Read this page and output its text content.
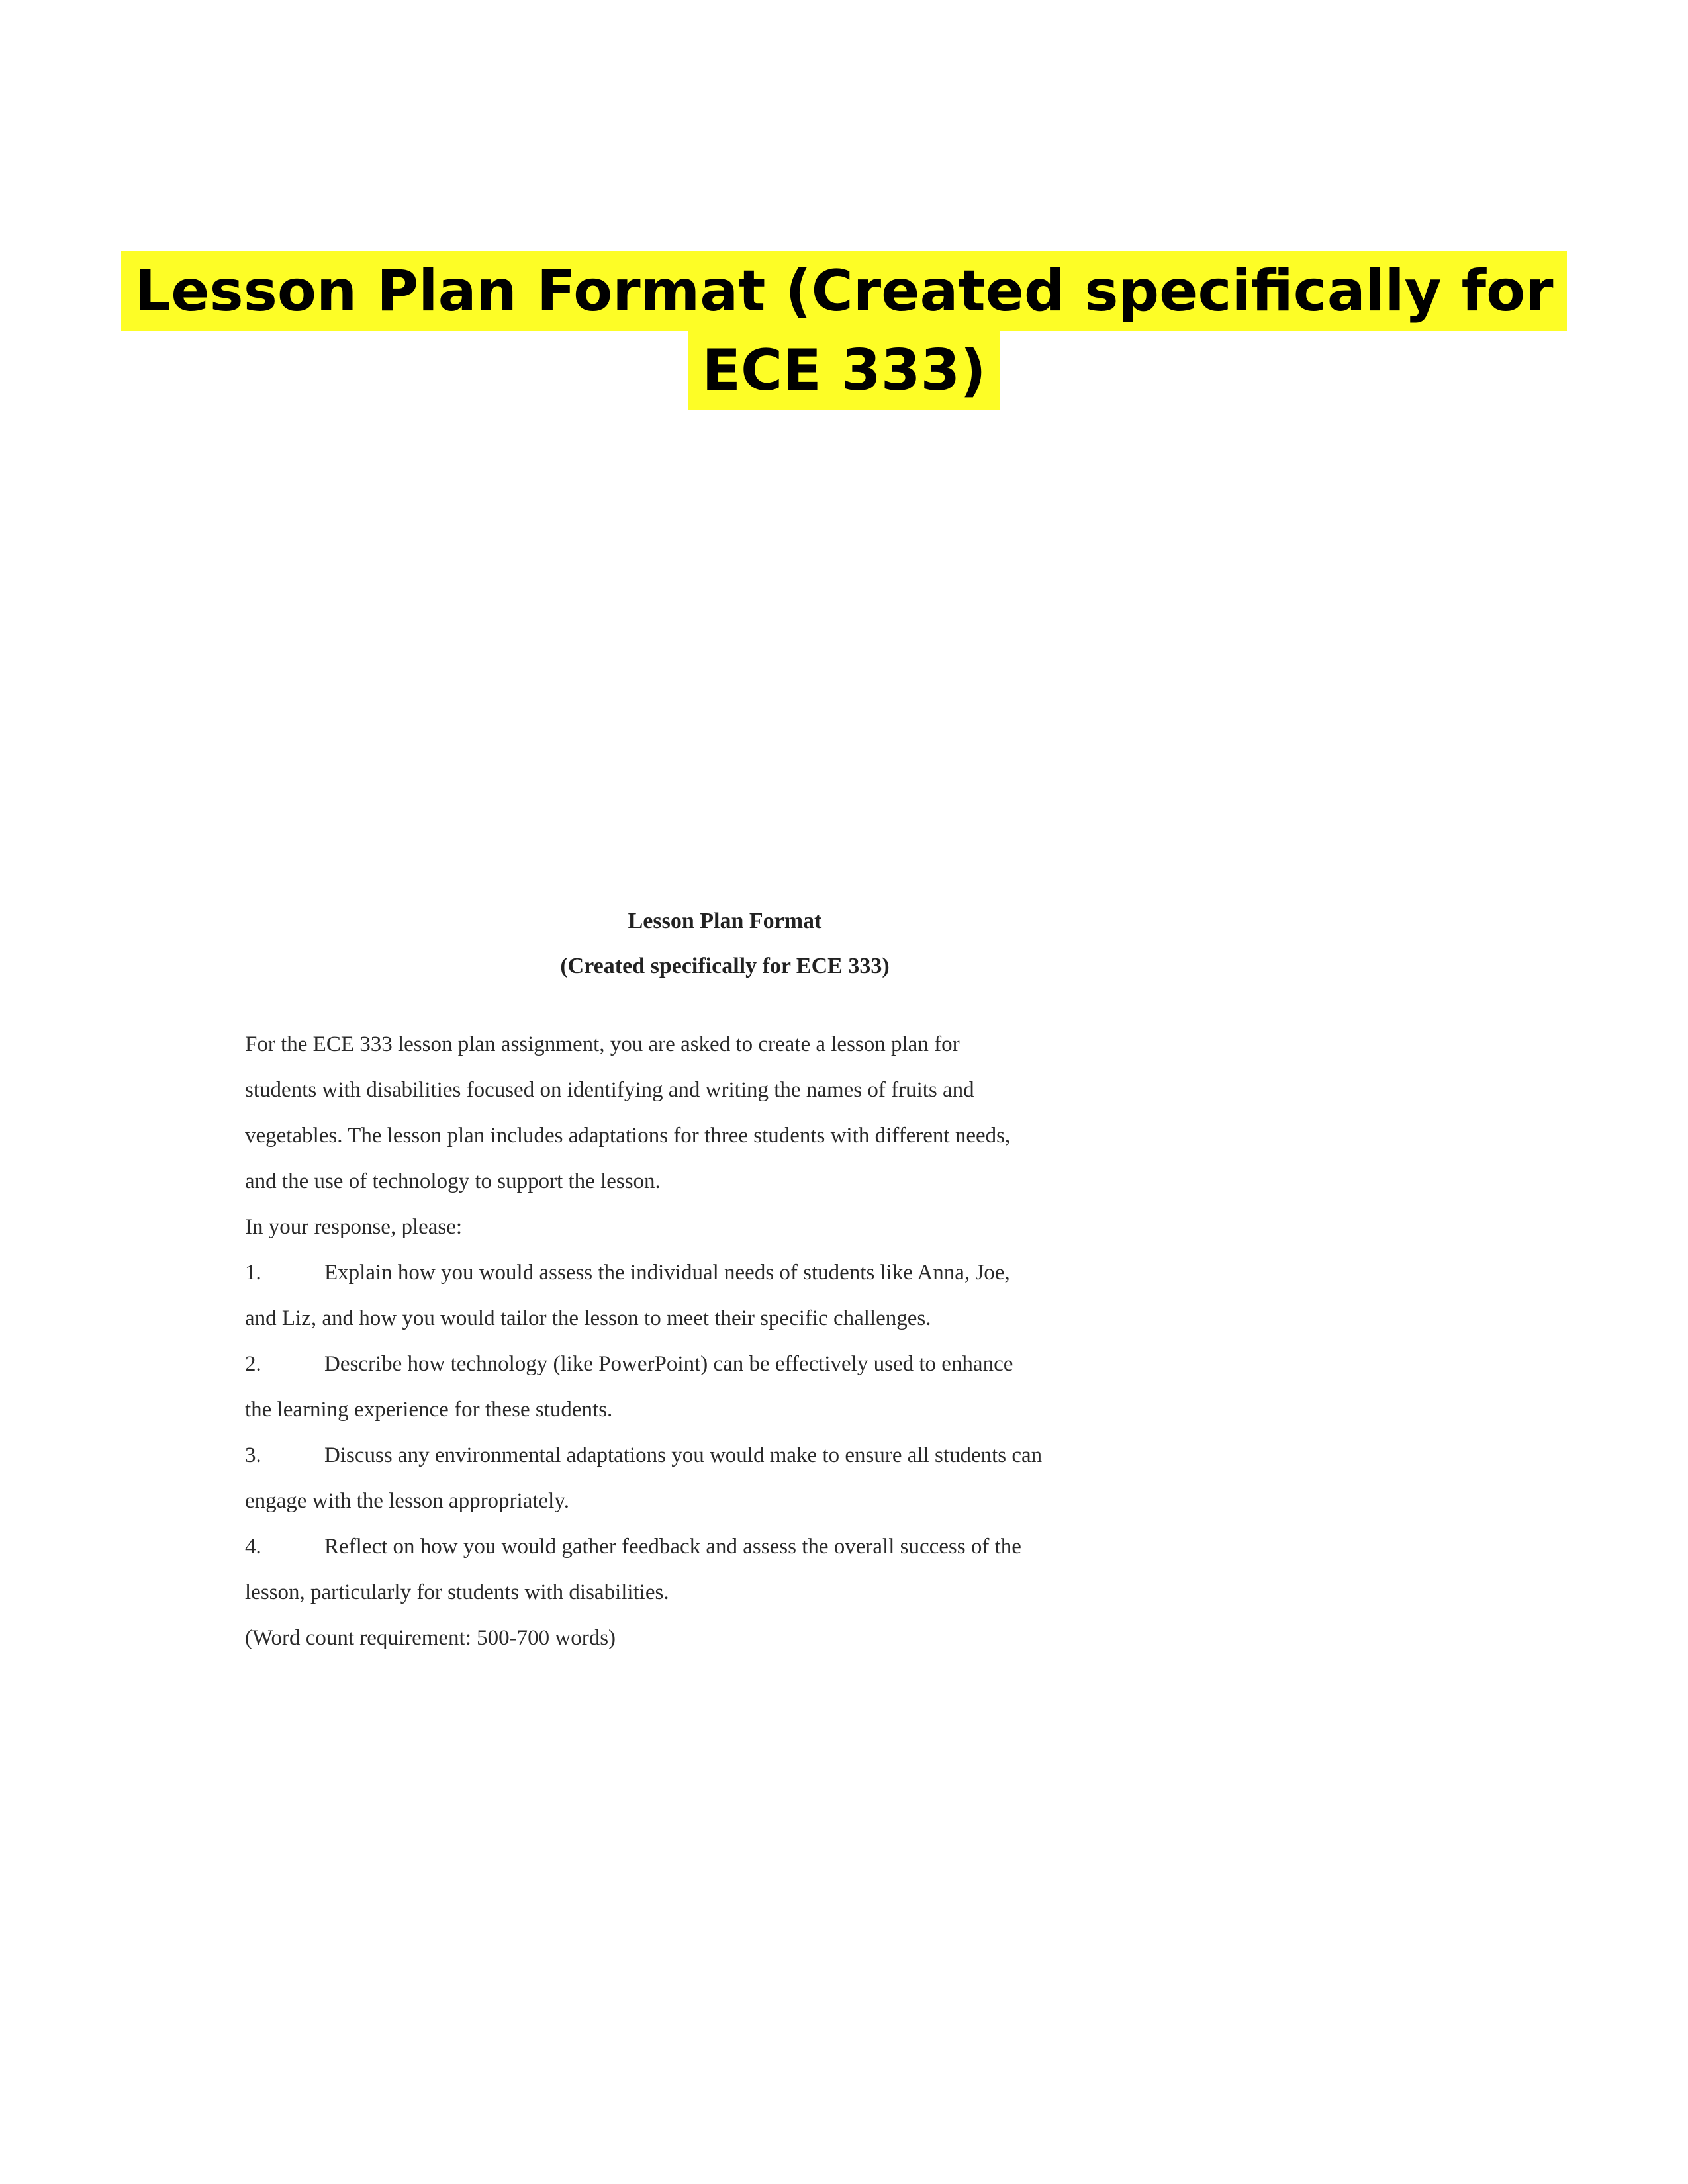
Lesson Plan Format (Created specifically for
ECE 333)

Lesson Plan Format

(Created specifically for ECE 333)

For the ECE 333 lesson plan assignment, you are asked to create a lesson plan for

students with disabilities focused on identifying and writing the names of fruits and

vegetables. The lesson plan includes adaptations for three students with different needs,

and the use of technology to support the lesson.

In your response, please:

1.	Explain how you would assess the individual needs of students like Anna, Joe,

and Liz, and how you would tailor the lesson to meet their specific challenges.

2.	Describe how technology (like PowerPoint) can be effectively used to enhance

the learning experience for these students.

3.	Discuss any environmental adaptations you would make to ensure all students can

engage with the lesson appropriately.

4.	Reflect on how you would gather feedback and assess the overall success of the

lesson, particularly for students with disabilities.

(Word count requirement: 500-700 words)
